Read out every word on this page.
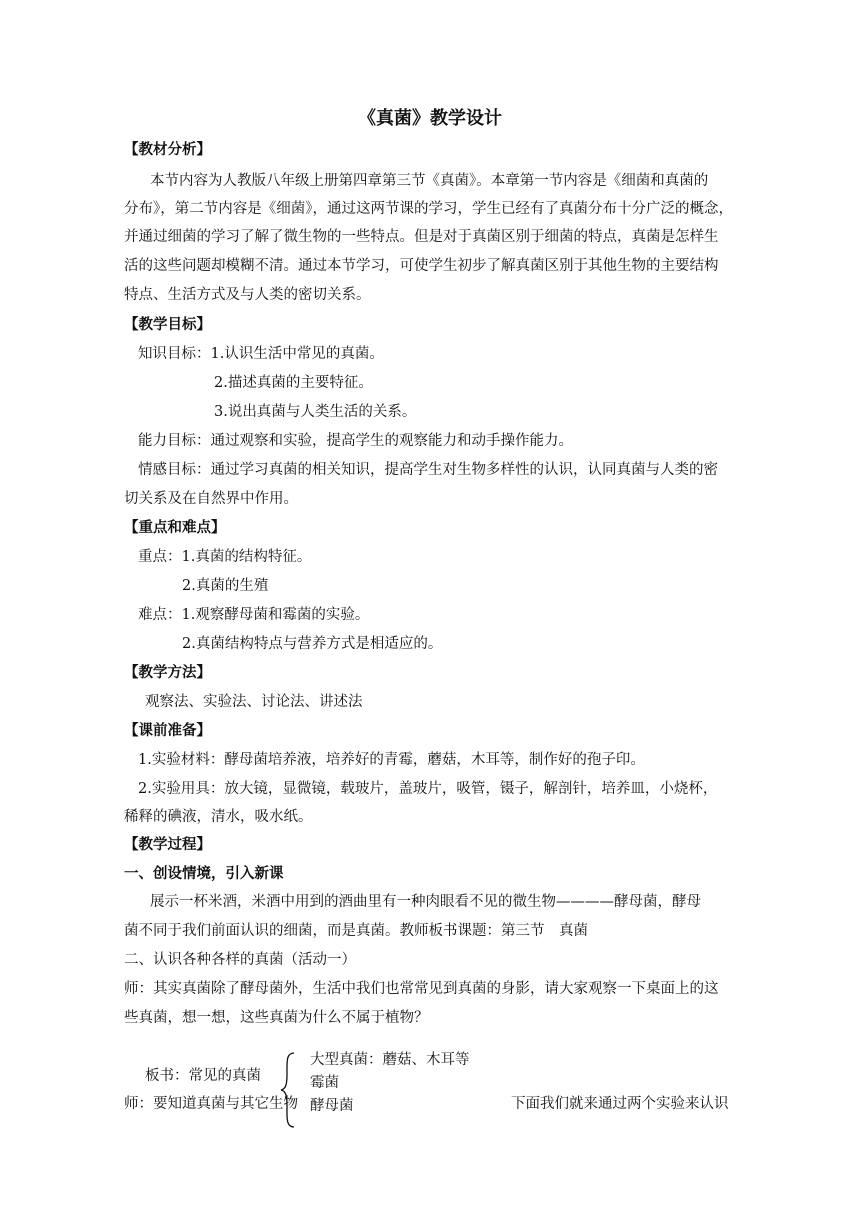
《真菌》教学设计
【教材分析】
本节内容为人教版八年级上册第四章第三节《真菌》。本章第一节内容是《细菌和真菌的
分布》，第二节内容是《细菌》，通过这两节课的学习，学生已经有了真菌分布十分广泛的概念，
并通过细菌的学习了解了微生物的一些特点。但是对于真菌区别于细菌的特点，真菌是怎样生
活的这些问题却模糊不清。通过本节学习，可使学生初步了解真菌区别于其他生物的主要结构
特点、生活方式及与人类的密切关系。
【教学目标】
知识目标：1.认识生活中常见的真菌。
2.描述真菌的主要特征。
3.说出真菌与人类生活的关系。
能力目标：通过观察和实验，提高学生的观察能力和动手操作能力。
情感目标：通过学习真菌的相关知识，提高学生对生物多样性的认识，认同真菌与人类的密
切关系及在自然界中作用。
【重点和难点】
重点：1.真菌的结构特征。
2.真菌的生殖
难点：1.观察酵母菌和霉菌的实验。
2.真菌结构特点与营养方式是相适应的。
【教学方法】
观察法、实验法、讨论法、讲述法
【课前准备】
1.实验材料：酵母菌培养液，培养好的青霉，蘑菇，木耳等，制作好的孢子印。
2.实验用具：放大镜，显微镜，载玻片，盖玻片，吸管，镊子，解剖针，培养皿，小烧杯，
稀释的碘液，清水，吸水纸。
【教学过程】
一、创设情境，引入新课
展示一杯米酒，米酒中用到的酒曲里有一种肉眼看不见的微生物————酵母菌，酵母
菌不同于我们前面认识的细菌，而是真菌。教师板书课题：第三节　真菌
二、认识各种各样的真菌（活动一）
师：其实真菌除了酵母菌外，生活中我们也常常见到真菌的身影，请大家观察一下桌面上的这
些真菌，想一想，这些真菌为什么不属于植物？
板书：常见的真菌
大型真菌：蘑菇、木耳等
霉菌
师：要知道真菌与其它生物 酵母菌	下面我们就来通过两个实验来认识
